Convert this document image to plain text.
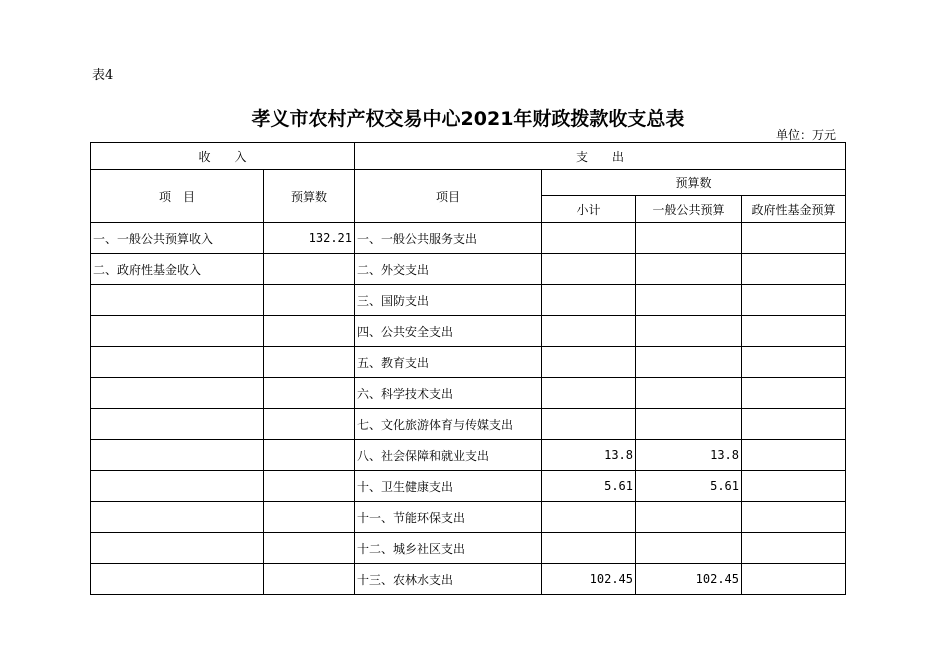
表4
孝义市农村产权交易中心2021年财政拨款收支总表
单位：万元
收　　入		支　　出			
项　目	预算数	项目	预算数		
			小计	一般公共预算	政府性基金预算
一、一般公共预算收入	132.21	一、一般公共服务支出			
二、政府性基金收入		二、外交支出			
		三、国防支出			
		四、公共安全支出			
		五、教育支出			
		六、科学技术支出			
		七、文化旅游体育与传媒支出			
		八、社会保障和就业支出	13.8	13.8	
		十、卫生健康支出	5.61	5.61	
		十一、节能环保支出			
		十二、城乡社区支出			
		十三、农林水支出	102.45	102.45	
